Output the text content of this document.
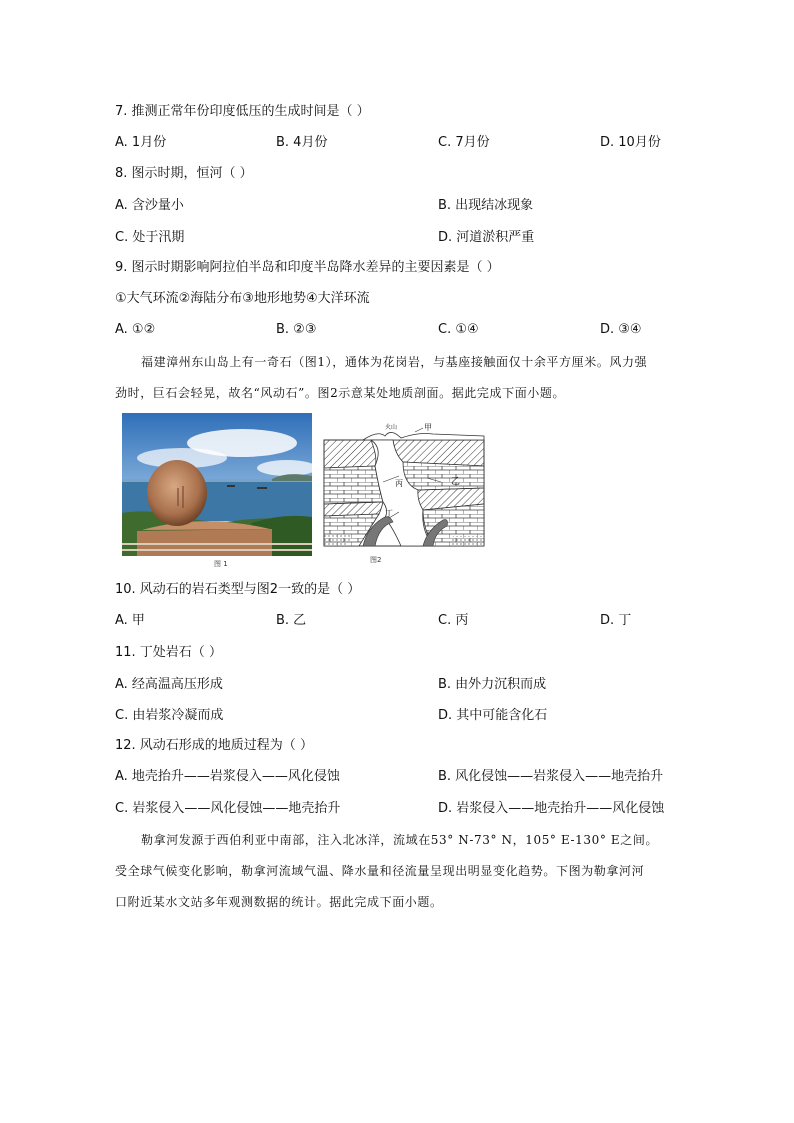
7. 推测正常年份印度低压的生成时间是（ ）
A. 1月份	B. 4月份	C. 7月份	D. 10月份
8. 图示时期，恒河（ ）
A. 含沙量小	B. 出现结冰现象
C. 处于汛期	D. 河道淤积严重
9. 图示时期影响阿拉伯半岛和印度半岛降水差异的主要因素是（ ）
①大气环流②海陆分布③地形地势④大洋环流
A. ①②	B. ②③	C. ①④	D. ③④
福建漳州东山岛上有一奇石（图1），通体为花岗岩，与基座接触面仅十余平方厘米。风力强
劲时，巨石会轻晃，故名“风动石”。图2示意某处地质剖面。据此完成下面小题。
图 1
火山	甲
丙	乙
丁
图2
10. 风动石的岩石类型与图2一致的是（ ）
A. 甲	B. 乙	C. 丙	D. 丁
11. 丁处岩石（ ）
A. 经高温高压形成	B. 由外力沉积而成
C. 由岩浆冷凝而成	D. 其中可能含化石
12. 风动石形成的地质过程为（ ）
A. 地壳抬升——岩浆侵入——风化侵蚀	B. 风化侵蚀——岩浆侵入——地壳抬升
C. 岩浆侵入——风化侵蚀——地壳抬升	D. 岩浆侵入——地壳抬升——风化侵蚀
勒拿河发源于西伯利亚中南部，注入北冰洋，流域在53° N-73° N，105° E-130° E之间。
受全球气候变化影响，勒拿河流域气温、降水量和径流量呈现出明显变化趋势。下图为勒拿河河
口附近某水文站多年观测数据的统计。据此完成下面小题。
